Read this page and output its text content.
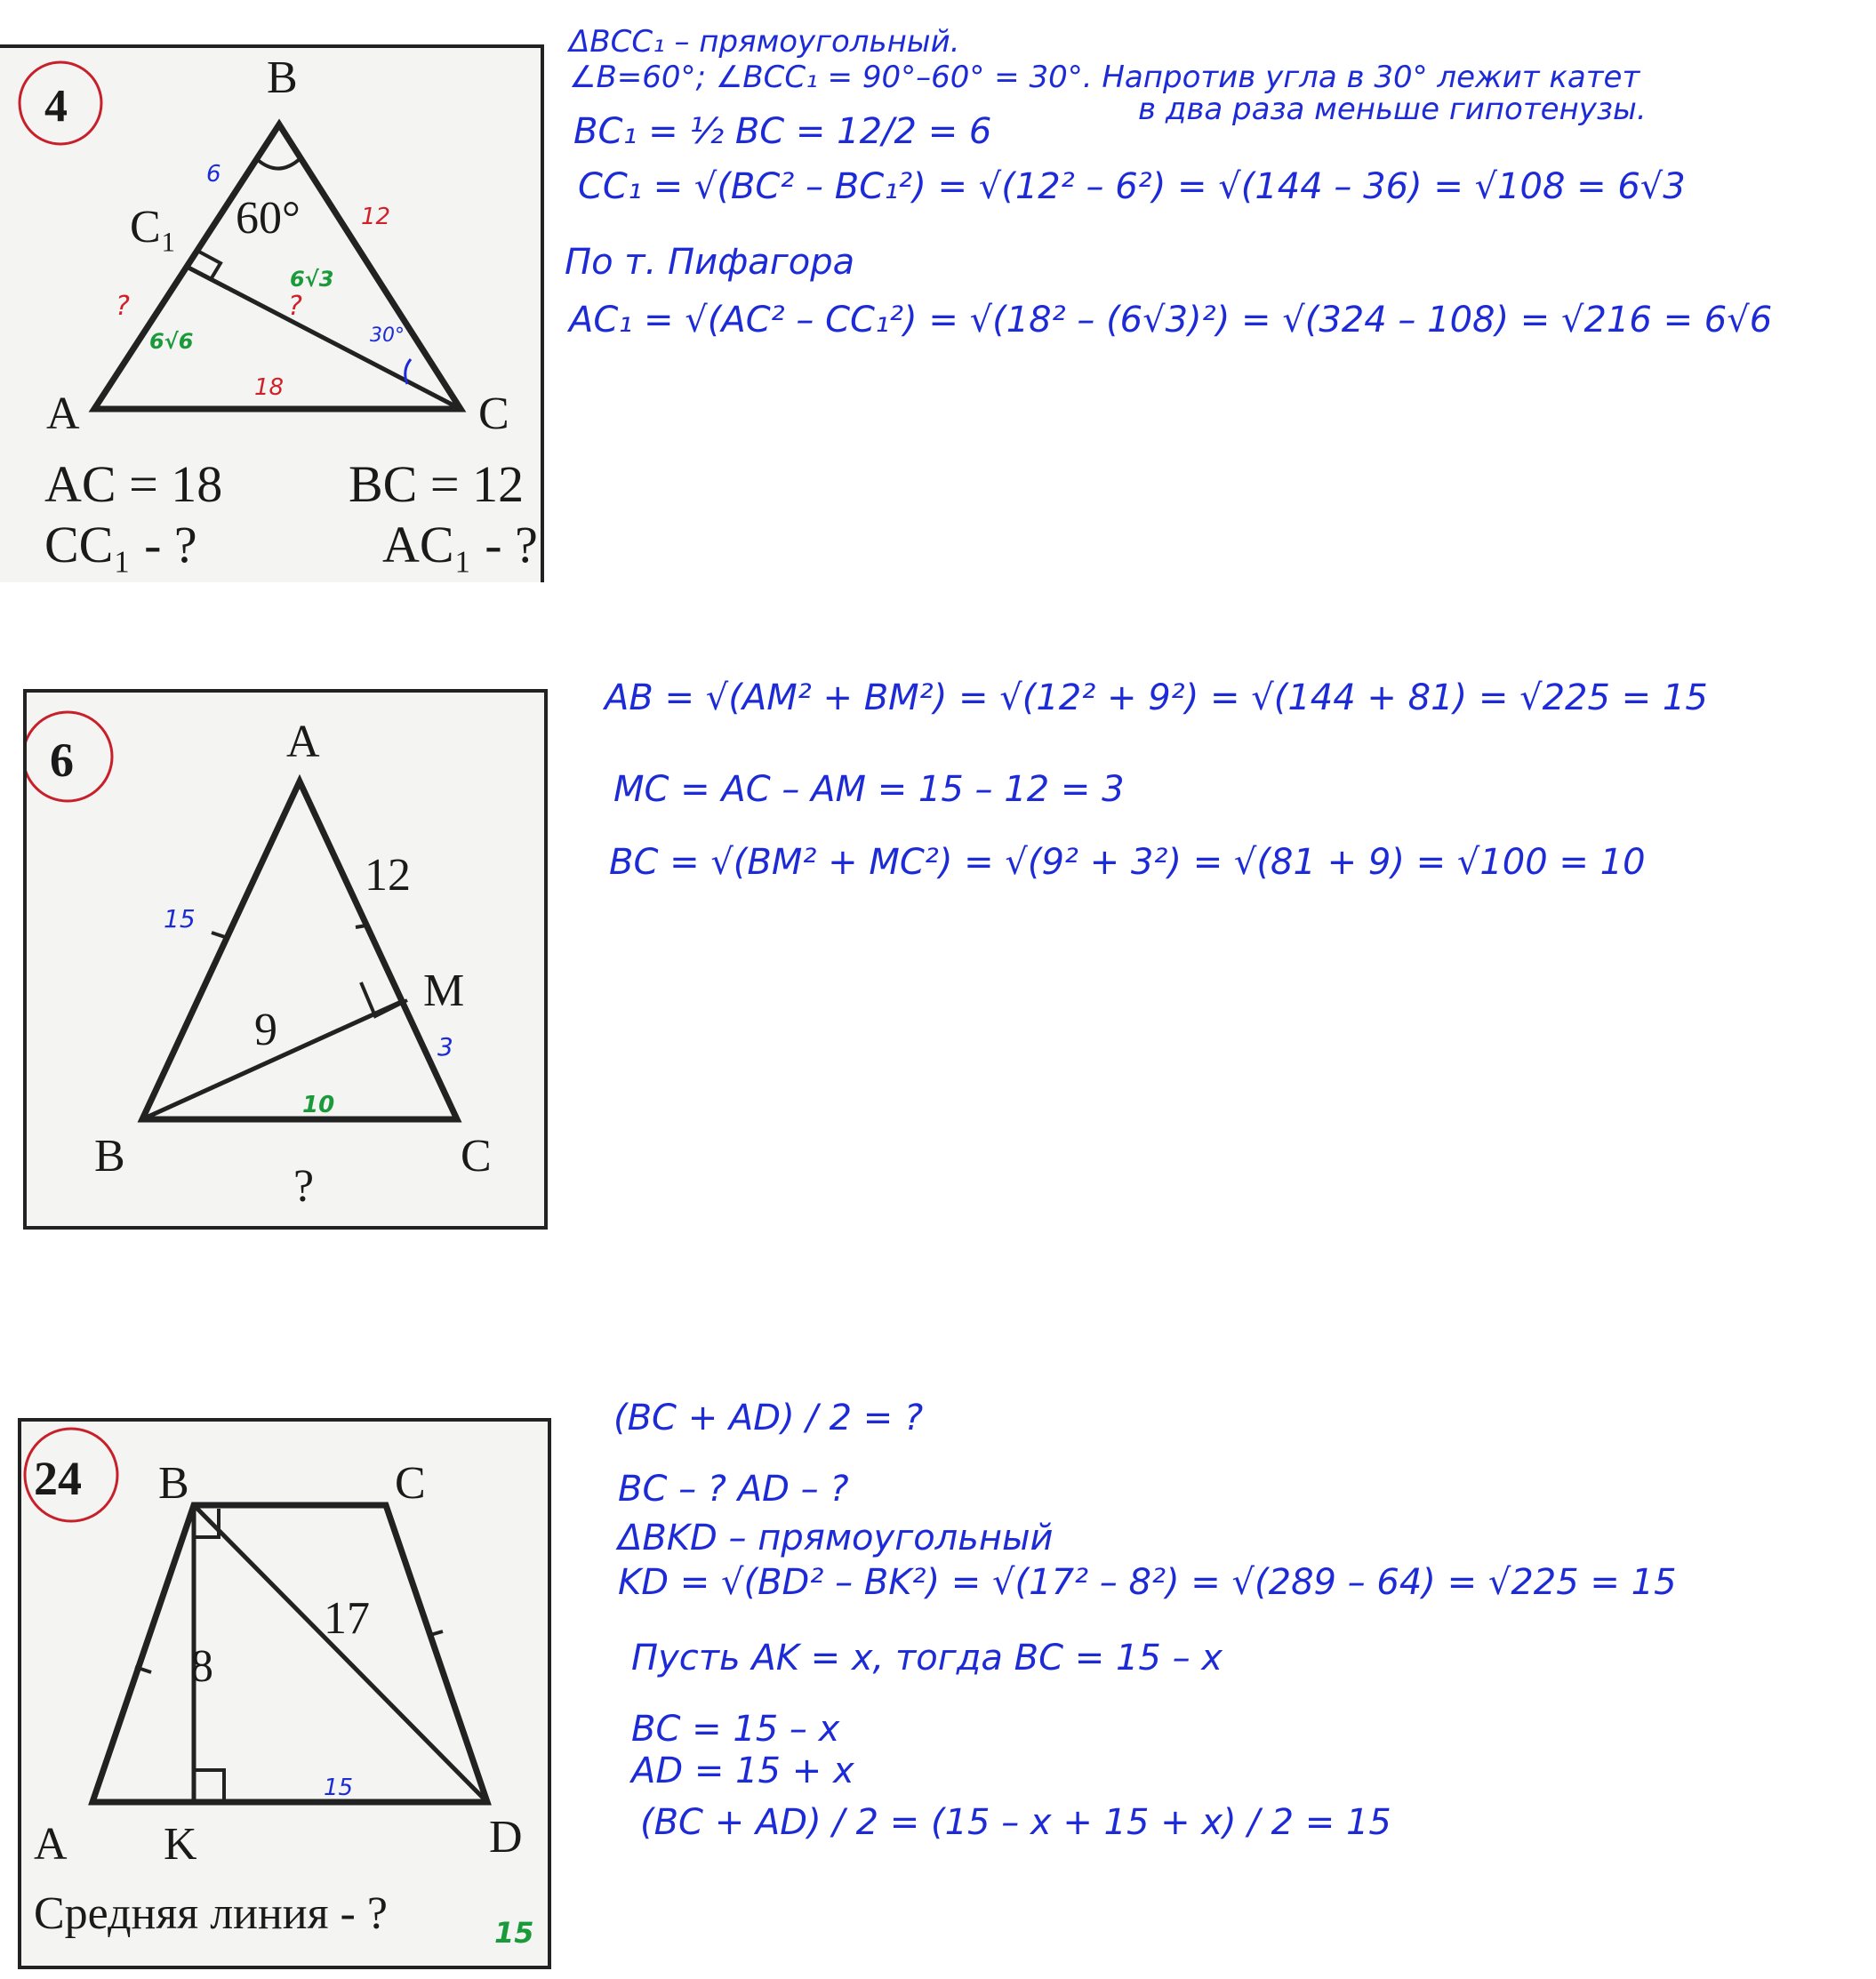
4
B
A	C
C₁ 60°
6
12
18
?	?
6√3
6√6	30°
AC = 18 BC = 12
CC₁ - ?	AC₁ - ?
ΔBCC₁ – прямоугольный.
∠B=60°; ∠BCC₁ = 90°–60° = 30°. Напротив угла в 30° лежит катет
в два раза меньше гипотенузы.
BC₁ = ½ BC = 12/2 = 6
CC₁ = √(BC² – BC₁²) = √(12² – 6²) = √(144 – 36) = √108 = 6√3
По т. Пифагора
AC₁ = √(AC² – CC₁²) = √(18² – (6√3)²) = √(324 – 108) = √216 = 6√6
6	A
B	C
M
12
9
?
15
3
10
AB = √(AM² + BM²) = √(12² + 9²) = √(144 + 81) = √225 = 15
MC = AC – AM = 15 – 12 = 3
BC = √(BM² + MC²) = √(9² + 3²) = √(81 + 9) = √100 = 10
24 B	C
A K	D
8
17
15
15
Средняя линия - ?
(BC + AD) / 2 = ?
BC – ? AD – ?
ΔBKD – прямоугольный
KD = √(BD² – BK²) = √(17² – 8²) = √(289 – 64) = √225 = 15
Пусть AK = x, тогда BC = 15 – x
BC = 15 – x
AD = 15 + x
(BC + AD) / 2 = (15 – x + 15 + x) / 2 = 15
